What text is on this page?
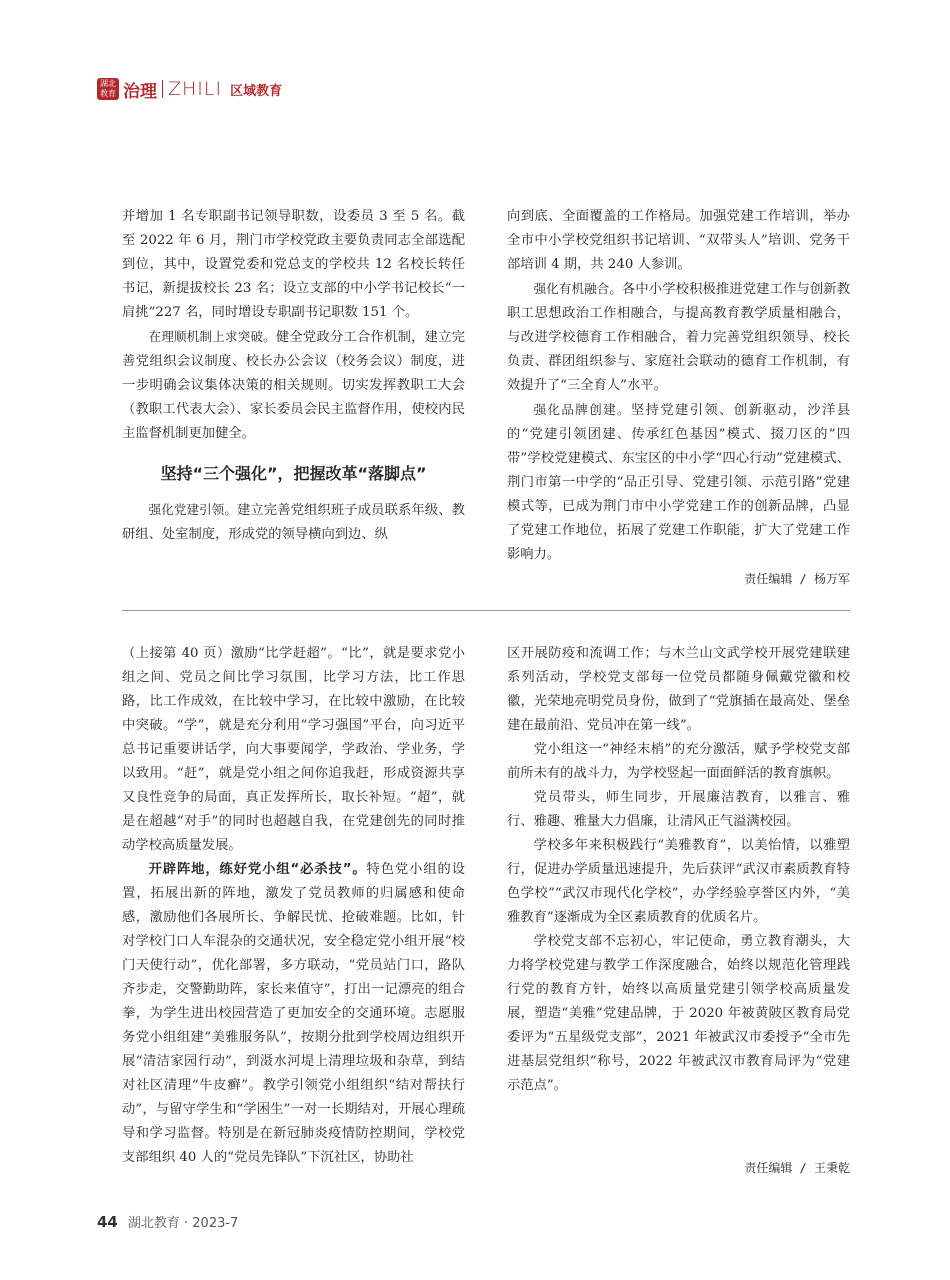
湖北教育 治理 ZHILI 区域教育

并增加 1 名专职副书记领导职数，设委员 3 至 5 名。截至 2022 年 6 月，荆门市学校党政主要负责同志全部选配到位，其中，设置党委和党总支的学校共 12 名校长转任书记，新提拔校长 23 名；设立支部的中小学书记校长“一肩挑”227 名，同时增设专职副书记职数 151 个。

在理顺机制上求突破。健全党政分工合作机制，建立完善党组织会议制度、校长办公会议（校务会议）制度，进一步明确会议集体决策的相关规则。切实发挥教职工大会（教职工代表大会）、家长委员会民主监督作用，使校内民主监督机制更加健全。

坚持“三个强化”，把握改革“落脚点”

强化党建引领。建立完善党组织班子成员联系年级、教研组、处室制度，形成党的领导横向到边、纵

向到底、全面覆盖的工作格局。加强党建工作培训，举办全市中小学校党组织书记培训、“双带头人”培训、党务干部培训 4 期，共 240 人参训。

强化有机融合。各中小学校积极推进党建工作与创新教职工思想政治工作相融合，与提高教育教学质量相融合，与改进学校德育工作相融合，着力完善党组织领导、校长负责、群团组织参与、家庭社会联动的德育工作机制，有效提升了“三全育人”水平。

强化品牌创建。坚持党建引领、创新驱动，沙洋县的“党建引领团建、传承红色基因”模式、掇刀区的“四带”学校党建模式、东宝区的中小学“四心行动”党建模式、荆门市第一中学的“品正引导、党建引领、示范引路”党建模式等，已成为荆门市中小学党建工作的创新品牌，凸显了党建工作地位，拓展了党建工作职能，扩大了党建工作影响力。

责任编辑 / 杨万军

（上接第 40 页）激励“比学赶超”。“比”，就是要求党小组之间、党员之间比学习氛围，比学习方法，比工作思路，比工作成效，在比较中学习，在比较中激励，在比较中突破。“学”，就是充分利用“学习强国”平台，向习近平总书记重要讲话学，向大事要闻学，学政治、学业务，学以致用。“赶”，就是党小组之间你追我赶，形成资源共享又良性竞争的局面，真正发挥所长，取长补短。“超”，就是在超越“对手”的同时也超越自我，在党建创先的同时推动学校高质量发展。

开辟阵地，练好党小组“必杀技”。特色党小组的设置，拓展出新的阵地，激发了党员教师的归属感和使命感，激励他们各展所长、争解民忧、抢破难题。比如，针对学校门口人车混杂的交通状况，安全稳定党小组开展“校门天使行动”，优化部署，多方联动，“党员站门口，路队齐步走，交警勤助阵，家长来值守”，打出一记漂亮的组合拳，为学生进出校园营造了更加安全的交通环境。志愿服务党小组组建“美雅服务队”，按期分批到学校周边组织开展“清洁家园行动”，到滠水河堤上清理垃圾和杂草，到结对社区清理“牛皮癣”。教学引领党小组组织“结对帮扶行动”，与留守学生和“学困生”一对一长期结对，开展心理疏导和学习监督。特别是在新冠肺炎疫情防控期间，学校党支部组织 40 人的“党员先锋队”下沉社区，协助社

区开展防疫和流调工作；与木兰山文武学校开展党建联建系列活动，学校党支部每一位党员都随身佩戴党徽和校徽，光荣地亮明党员身份，做到了“党旗插在最高处、堡垒建在最前沿、党员冲在第一线”。

党小组这一“神经末梢”的充分激活，赋予学校党支部前所未有的战斗力，为学校竖起一面面鲜活的教育旗帜。

党员带头，师生同步，开展廉洁教育，以雅言、雅行、雅趣、雅量大力倡廉，让清风正气溢满校园。

学校多年来积极践行“美雅教育”，以美怡情，以雅塑行，促进办学质量迅速提升，先后获评“武汉市素质教育特色学校”“武汉市现代化学校”，办学经验享誉区内外，“美雅教育”逐渐成为全区素质教育的优质名片。

学校党支部不忘初心，牢记使命，勇立教育潮头，大力将学校党建与教学工作深度融合，始终以规范化管理践行党的教育方针，始终以高质量党建引领学校高质量发展，塑造“美雅”党建品牌，于 2020 年被黄陂区教育局党委评为“五星级党支部”，2021 年被武汉市委授予“全市先进基层党组织”称号，2022 年被武汉市教育局评为“党建示范点”。

责任编辑 / 王秉乾
44 湖北教育 · 2023-7
